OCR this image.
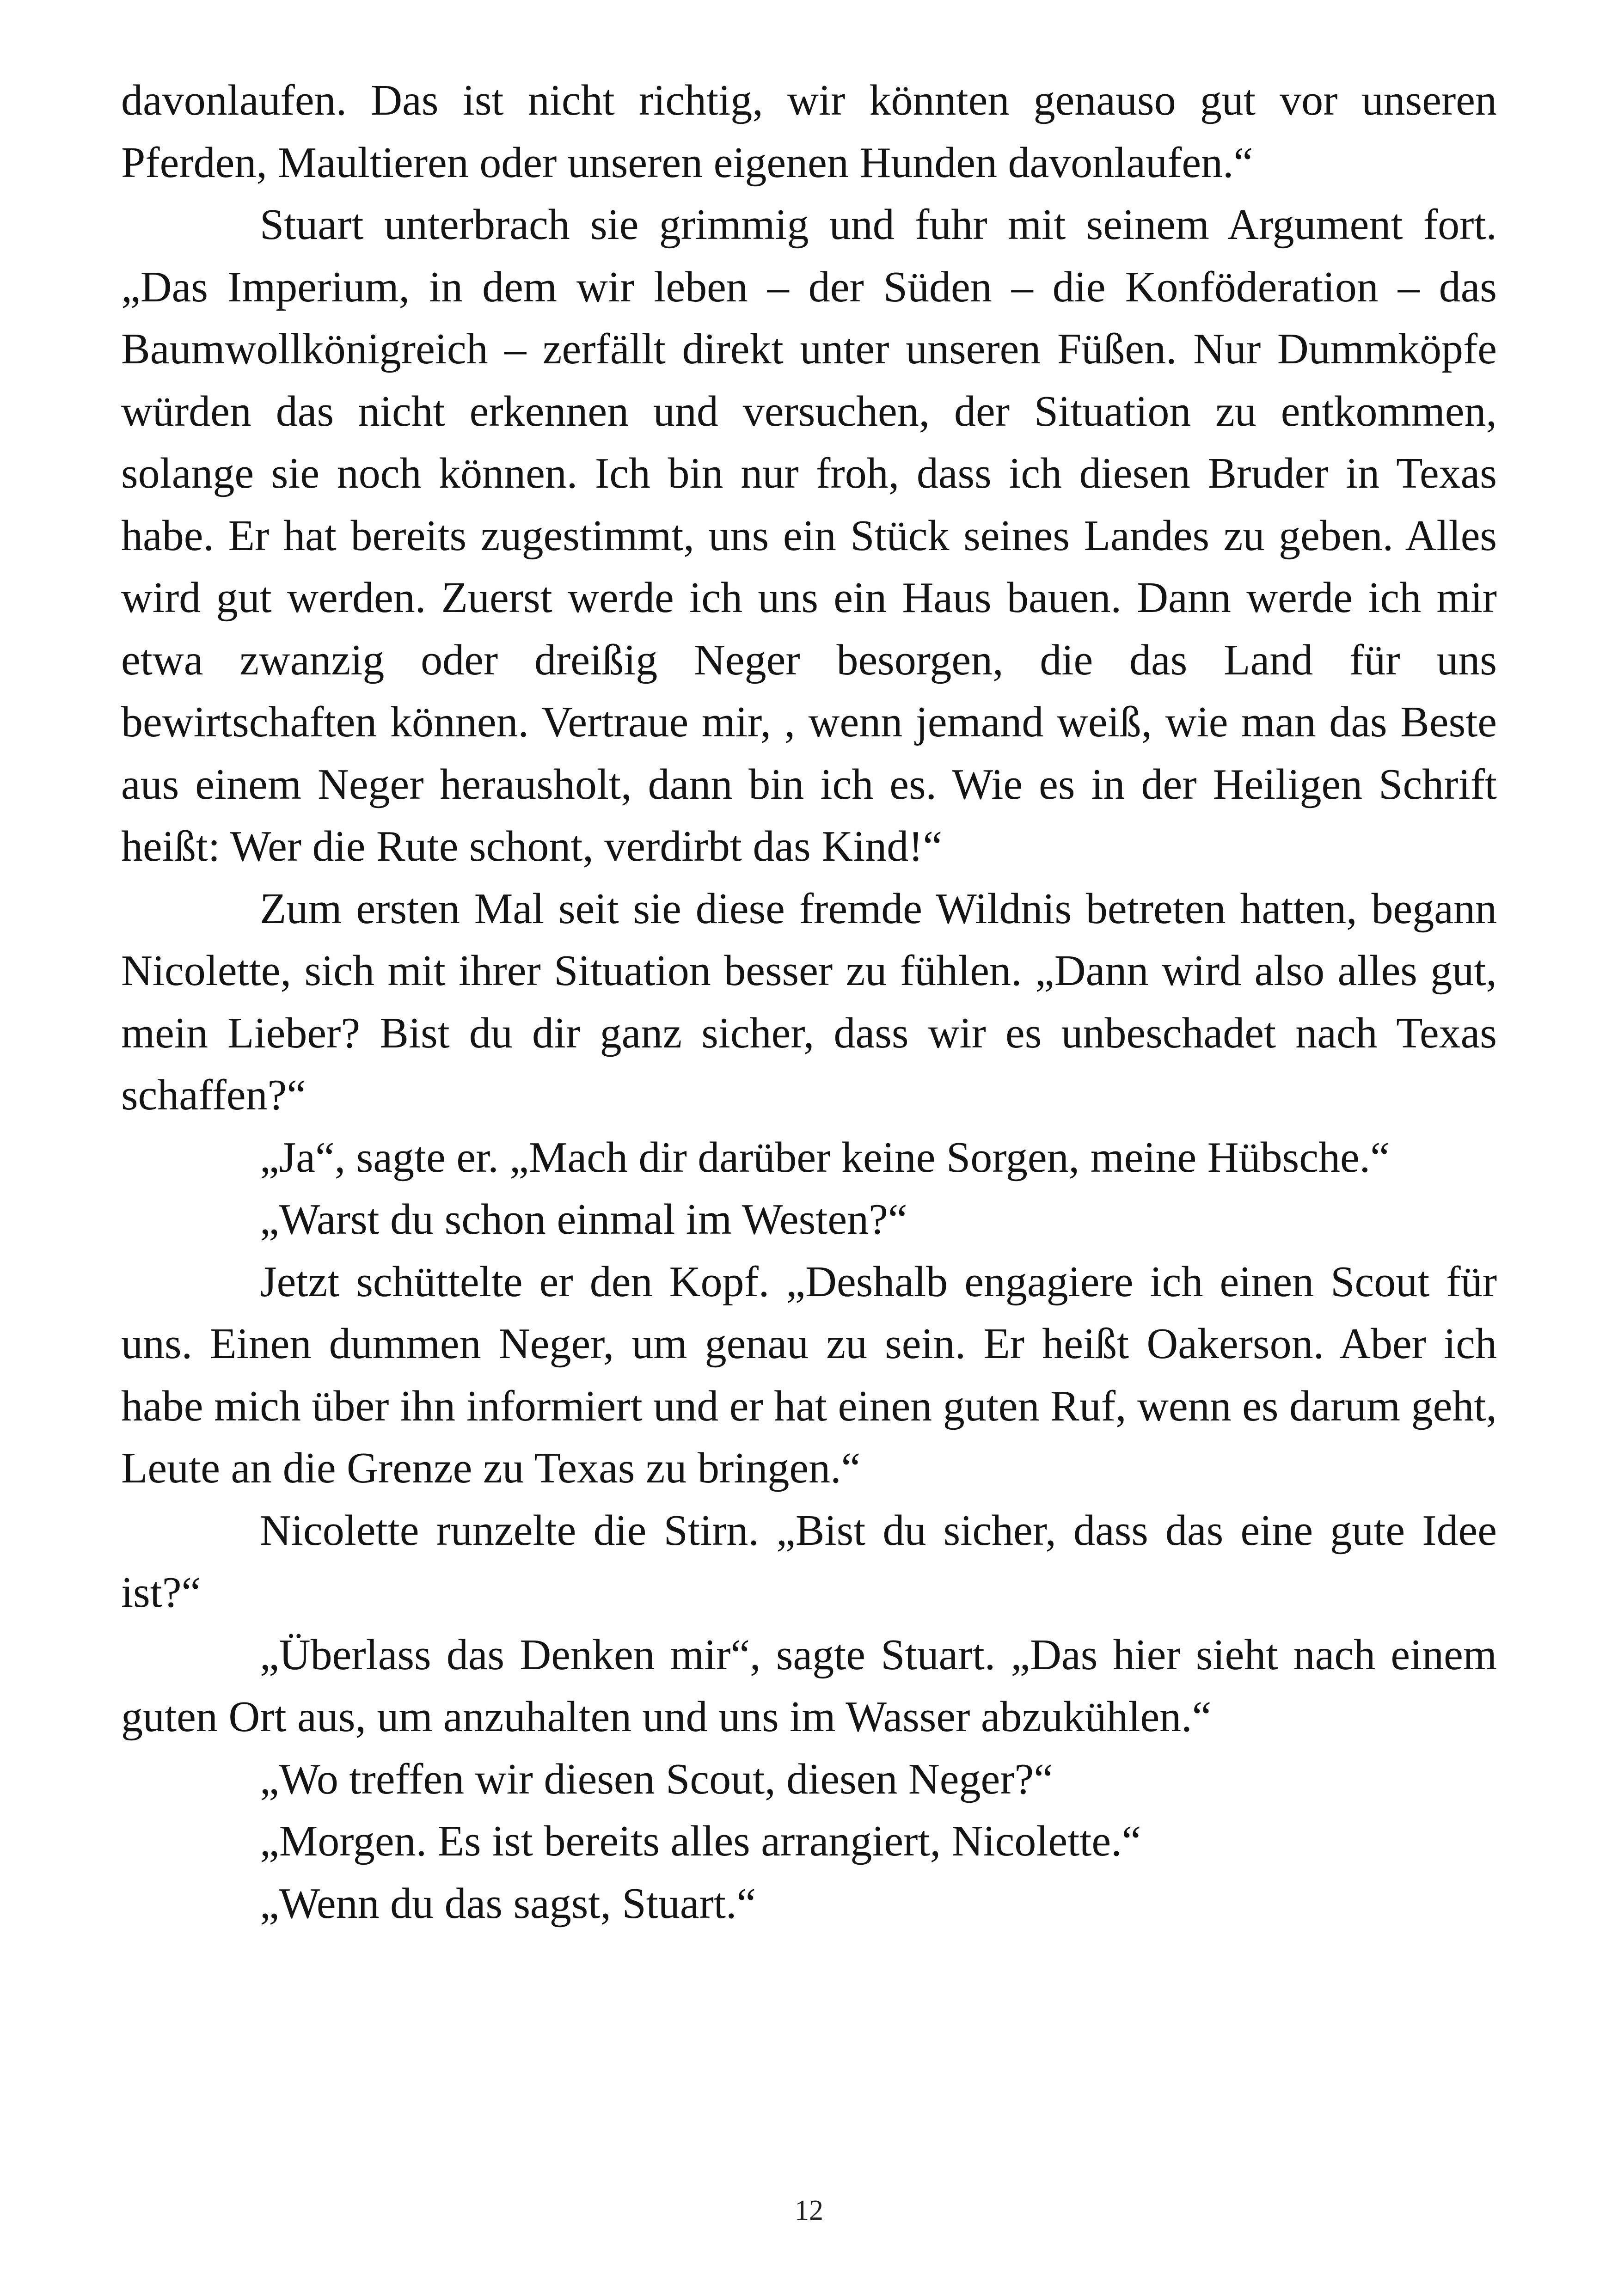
davonlaufen. Das ist nicht richtig, wir könnten genauso gut vor unseren Pferden, Maultieren oder unseren eigenen Hunden davonlaufen.“

Stuart unterbrach sie grimmig und fuhr mit seinem Argument fort. „Das Imperium, in dem wir leben – der Süden – die Konföderation – das Baumwollkönigreich – zerfällt direkt unter unseren Füßen. Nur Dummköpfe würden das nicht erkennen und versuchen, der Situation zu entkommen, solange sie noch können. Ich bin nur froh, dass ich diesen Bruder in Texas habe. Er hat bereits zugestimmt, uns ein Stück seines Landes zu geben. Alles wird gut werden. Zuerst werde ich uns ein Haus bauen. Dann werde ich mir etwa zwanzig oder dreißig Neger besorgen, die das Land für uns bewirtschaften können. Vertraue mir, , wenn jemand weiß, wie man das Beste aus einem Neger herausholt, dann bin ich es. Wie es in der Heiligen Schrift heißt: Wer die Rute schont, verdirbt das Kind!“

Zum ersten Mal seit sie diese fremde Wildnis betreten hatten, begann Nicolette, sich mit ihrer Situation besser zu fühlen. „Dann wird also alles gut, mein Lieber? Bist du dir ganz sicher, dass wir es unbeschadet nach Texas schaffen?“

„Ja“, sagte er. „Mach dir darüber keine Sorgen, meine Hübsche.“

„Warst du schon einmal im Westen?“

Jetzt schüttelte er den Kopf. „Deshalb engagiere ich einen Scout für uns. Einen dummen Neger, um genau zu sein. Er heißt Oakerson. Aber ich habe mich über ihn informiert und er hat einen guten Ruf, wenn es darum geht, Leute an die Grenze zu Texas zu bringen.“

Nicolette runzelte die Stirn. „Bist du sicher, dass das eine gute Idee ist?“

„Überlass das Denken mir“, sagte Stuart. „Das hier sieht nach einem guten Ort aus, um anzuhalten und uns im Wasser abzukühlen.“

„Wo treffen wir diesen Scout, diesen Neger?“

„Morgen. Es ist bereits alles arrangiert, Nicolette.“

„Wenn du das sagst, Stuart.“

12
